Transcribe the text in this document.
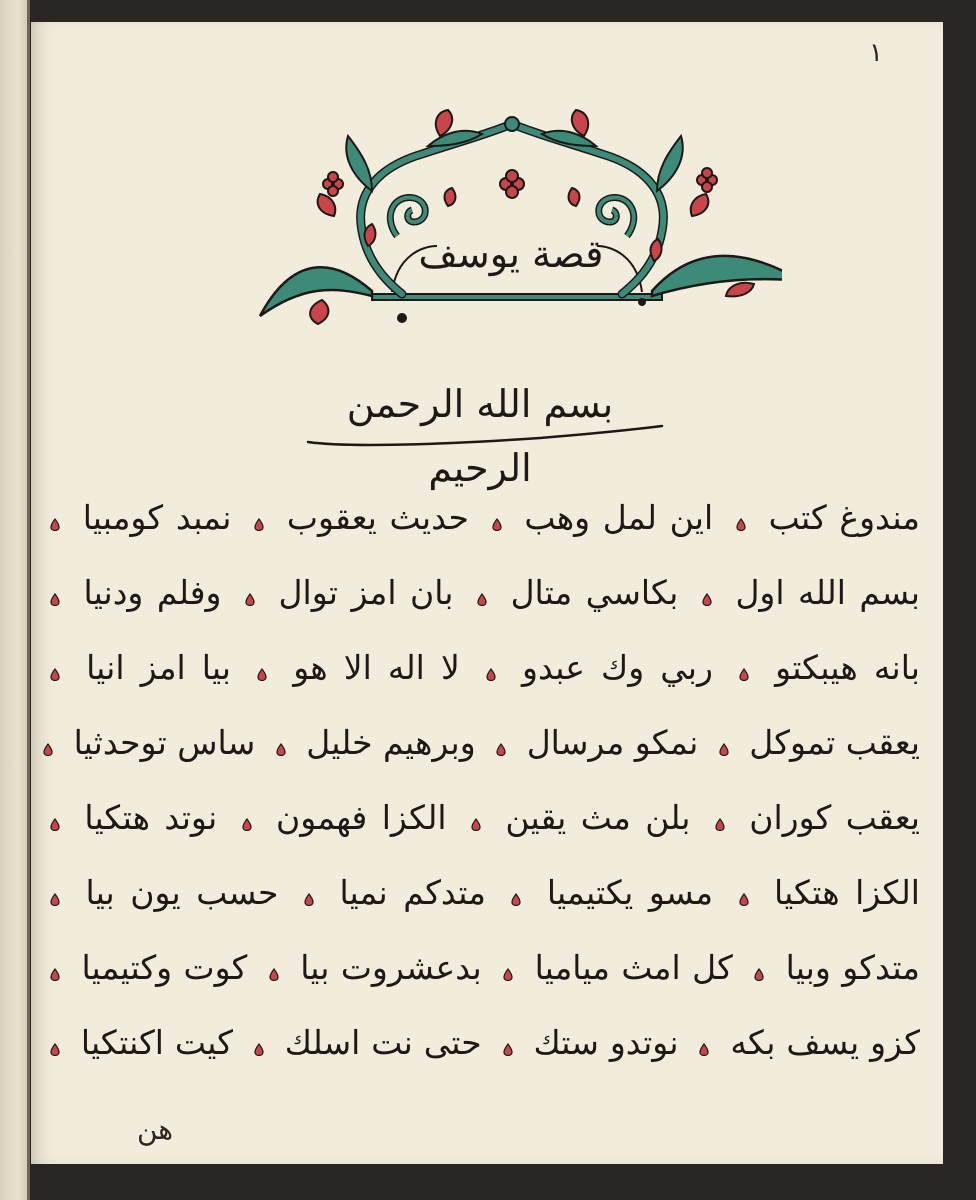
١
قصة يوسف
بسم الله الرحمن الرحيم
مندوغ كتب  اين لمل وهب  حديث يعقوب  نمبد كومبيا
بسم الله اول  بكاسي متال  بان امز توال  وفلم ودنيا
بانه هيبكتو  ربي وك عبدو  لا اله الا هو  بيا امز انيا
يعقب تموكل  نمكو مرسال  وبرهيم خليل  ساس توحدثيا
يعقب كوران  بلن مث يقين  الكزا فهمون  نوتد هتكيا
الكزا هتكيا  مسو يكتيميا  متدكم نميا  حسب يون بيا
متدكو وبيا  كل امث مياميا  بدعشروت بيا  كوت وكتيميا
كزو يسف بكه  نوتدو ستك  حتى نت اسلك  كيت اكنتكيا
هن
